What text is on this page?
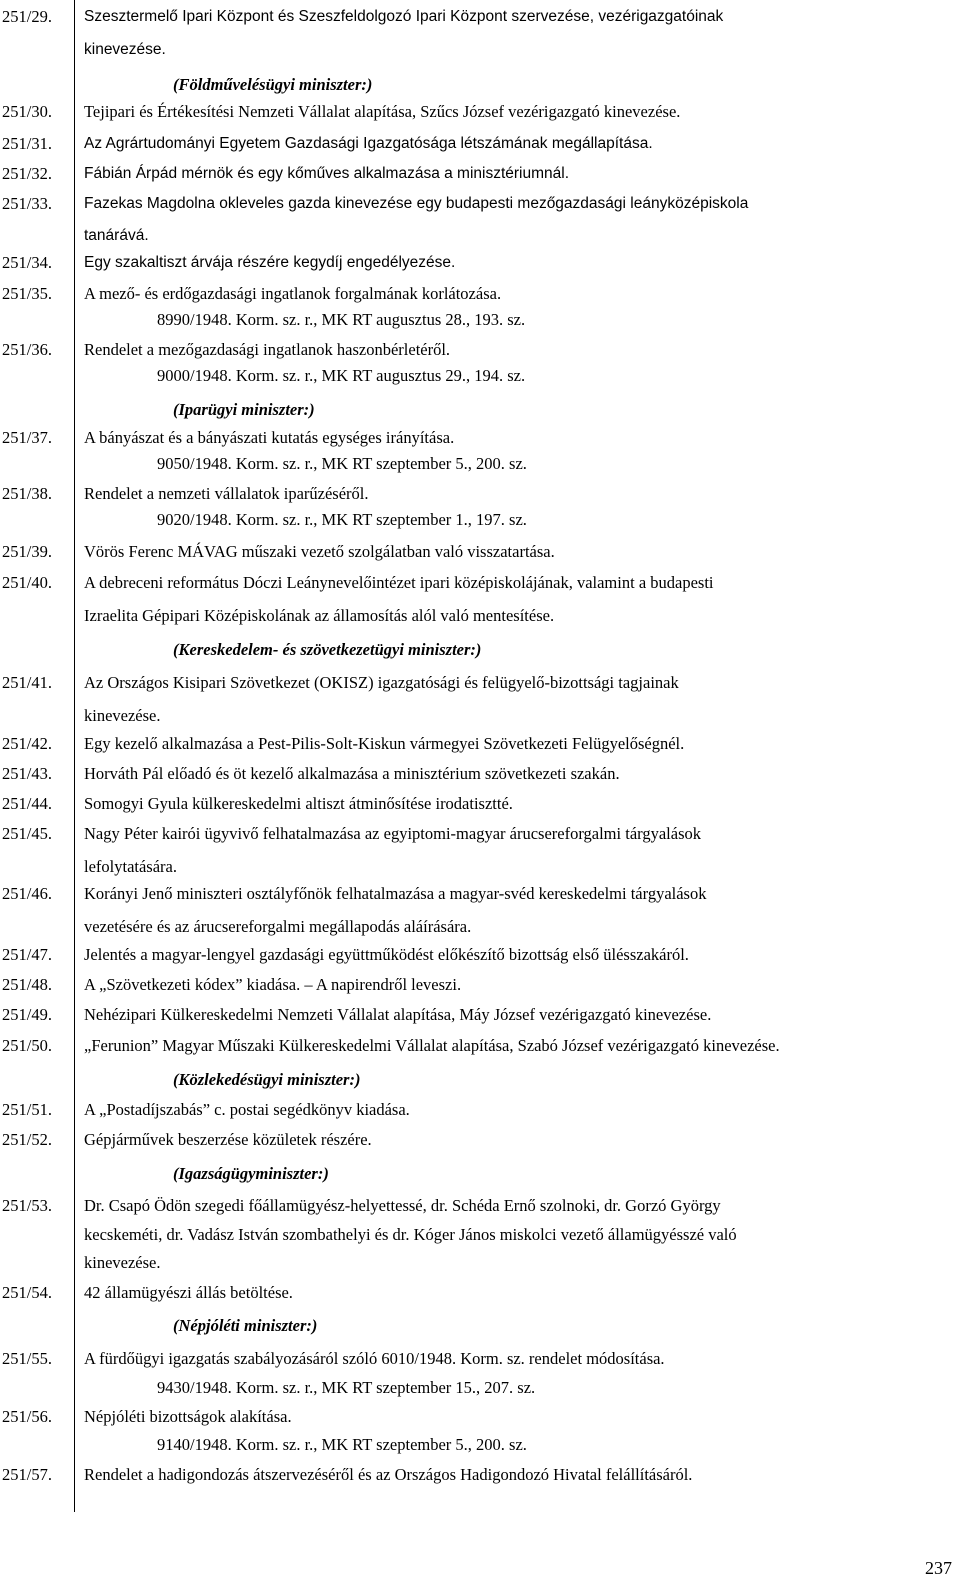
251/29. Szesztermelő Ipari Központ és Szeszfeldolgozó Ipari Központ szervezése, vezérigazgatóinak
kinevezése.
(Földművelésügyi miniszter:)
251/30. Tejipari és Értékesítési Nemzeti Vállalat alapítása, Szűcs József vezérigazgató kinevezése.
251/31. Az Agrártudományi Egyetem Gazdasági Igazgatósága létszámának megállapítása.
251/32. Fábián Árpád mérnök és egy kőműves alkalmazása a minisztériumnál.
251/33. Fazekas Magdolna okleveles gazda kinevezése egy budapesti mezőgazdasági leányközépiskola
tanárává.
251/34. Egy szakaltiszt árvája részére kegydíj engedélyezése.
251/35. A mező- és erdőgazdasági ingatlanok forgalmának korlátozása.
8990/1948. Korm. sz. r., MK RT augusztus 28., 193. sz.
251/36. Rendelet a mezőgazdasági ingatlanok haszonbérletéről.
9000/1948. Korm. sz. r., MK RT augusztus 29., 194. sz.
(Iparügyi miniszter:)
251/37. A bányászat és a bányászati kutatás egységes irányítása.
9050/1948. Korm. sz. r., MK RT szeptember 5., 200. sz.
251/38. Rendelet a nemzeti vállalatok iparűzéséről.
9020/1948. Korm. sz. r., MK RT szeptember 1., 197. sz.
251/39. Vörös Ferenc MÁVAG műszaki vezető szolgálatban való visszatartása.
251/40. A debreceni református Dóczi Leánynevelőintézet ipari középiskolájának, valamint a budapesti
Izraelita Gépipari Középiskolának az államosítás alól való mentesítése.
(Kereskedelem- és szövetkezetügyi miniszter:)
251/41. Az Országos Kisipari Szövetkezet (OKISZ) igazgatósági és felügyelő-bizottsági tagjainak
kinevezése.
251/42. Egy kezelő alkalmazása a Pest-Pilis-Solt-Kiskun vármegyei Szövetkezeti Felügyelőségnél.
251/43. Horváth Pál előadó és öt kezelő alkalmazása a minisztérium szövetkezeti szakán.
251/44. Somogyi Gyula külkereskedelmi altiszt átminősítése irodatisztté.
251/45. Nagy Péter kairói ügyvivő felhatalmazása az egyiptomi-magyar árucsereforgalmi tárgyalások
lefolytatására.
251/46. Korányi Jenő miniszteri osztályfőnök felhatalmazása a magyar-svéd kereskedelmi tárgyalások
vezetésére és az árucsereforgalmi megállapodás aláírására.
251/47. Jelentés a magyar-lengyel gazdasági együttműködést előkészítő bizottság első ülésszakáról.
251/48. A „Szövetkezeti kódex” kiadása. – A napirendről leveszi.
251/49. Nehézipari Külkereskedelmi Nemzeti Vállalat alapítása, Máy József vezérigazgató kinevezése.
251/50. „Ferunion” Magyar Műszaki Külkereskedelmi Vállalat alapítása, Szabó József vezérigazgató kinevezése.
(Közlekedésügyi miniszter:)
251/51. A „Postadíjszabás” c. postai segédkönyv kiadása.
251/52. Gépjárművek beszerzése közületek részére.
(Igazságügyminiszter:)
251/53. Dr. Csapó Ödön szegedi főállamügyész-helyettessé, dr. Schéda Ernő szolnoki, dr. Gorzó György
kecskeméti, dr. Vadász István szombathelyi és dr. Kóger János miskolci vezető államügyésszé való
kinevezése.
251/54. 42 államügyészi állás betöltése.
(Népjóléti miniszter:)
251/55. A fürdőügyi igazgatás szabályozásáról szóló 6010/1948. Korm. sz. rendelet módosítása.
9430/1948. Korm. sz. r., MK RT szeptember 15., 207. sz.
251/56. Népjóléti bizottságok alakítása.
9140/1948. Korm. sz. r., MK RT szeptember 5., 200. sz.
251/57. Rendelet a hadigondozás átszervezéséről és az Országos Hadigondozó Hivatal felállításáról.
237
